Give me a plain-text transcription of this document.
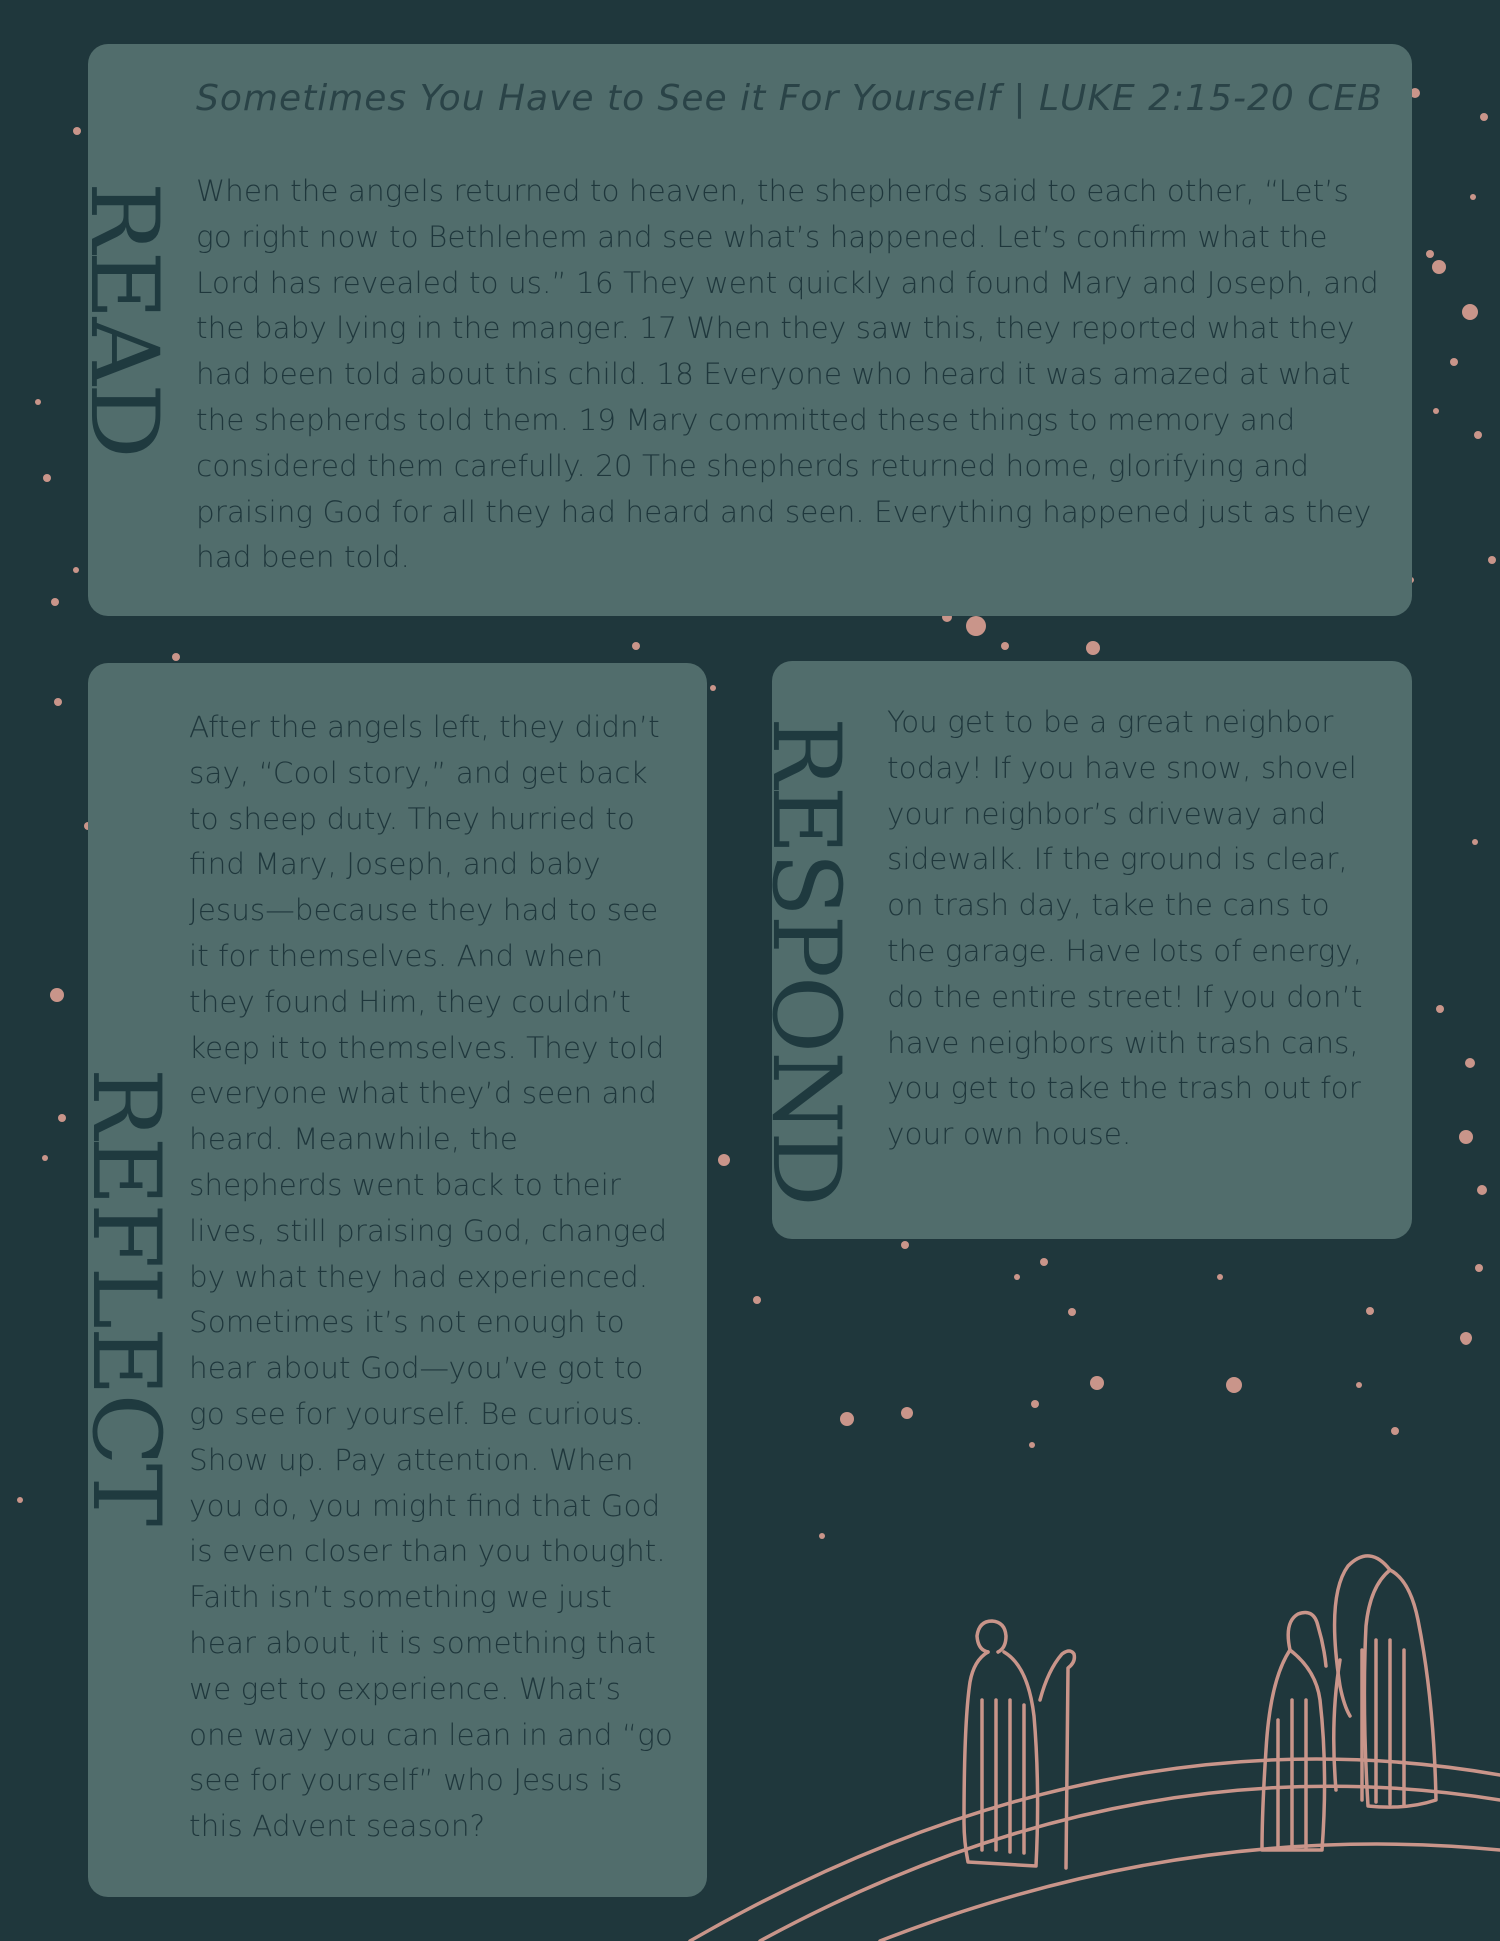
READ
REFLECT
RESPOND
Sometimes You Have to See it For Yourself | LUKE 2:15-20 CEB
When the angels returned to heaven, the shepherds said to each other, “Let’s go right now to Bethlehem and see what’s happened. Let’s confirm what the Lord has revealed to us.” 16 They went quickly and found Mary and Joseph, and the baby lying in the manger. 17 When they saw this, they reported what they had been told about this child. 18 Everyone who heard it was amazed at what the shepherds told them. 19 Mary committed these things to memory and considered them carefully. 20 The shepherds returned home, glorifying and praising God for all they had heard and seen. Everything happened just as they had been told.
After the angels left, they didn’t say, “Cool story,” and get back to sheep duty. They hurried to find Mary, Joseph, and baby Jesus—because they had to see it for themselves. And when they found Him, they couldn’t keep it to themselves. They told everyone what they’d seen and heard. Meanwhile, the shepherds went back to their lives, still praising God, changed by what they had experienced. Sometimes it’s not enough to hear about God—you’ve got to go see for yourself. Be curious. Show up. Pay attention. When you do, you might find that God is even closer than you thought. Faith isn’t something we just hear about, it is something that we get to experience. What’s one way you can lean in and “go see for yourself” who Jesus is this Advent season?
You get to be a great neighbor today! If you have snow, shovel your neighbor’s driveway and sidewalk. If the ground is clear, on trash day, take the cans to the garage. Have lots of energy, do the entire street! If you don’t have neighbors with trash cans, you get to take the trash out for your own house.
